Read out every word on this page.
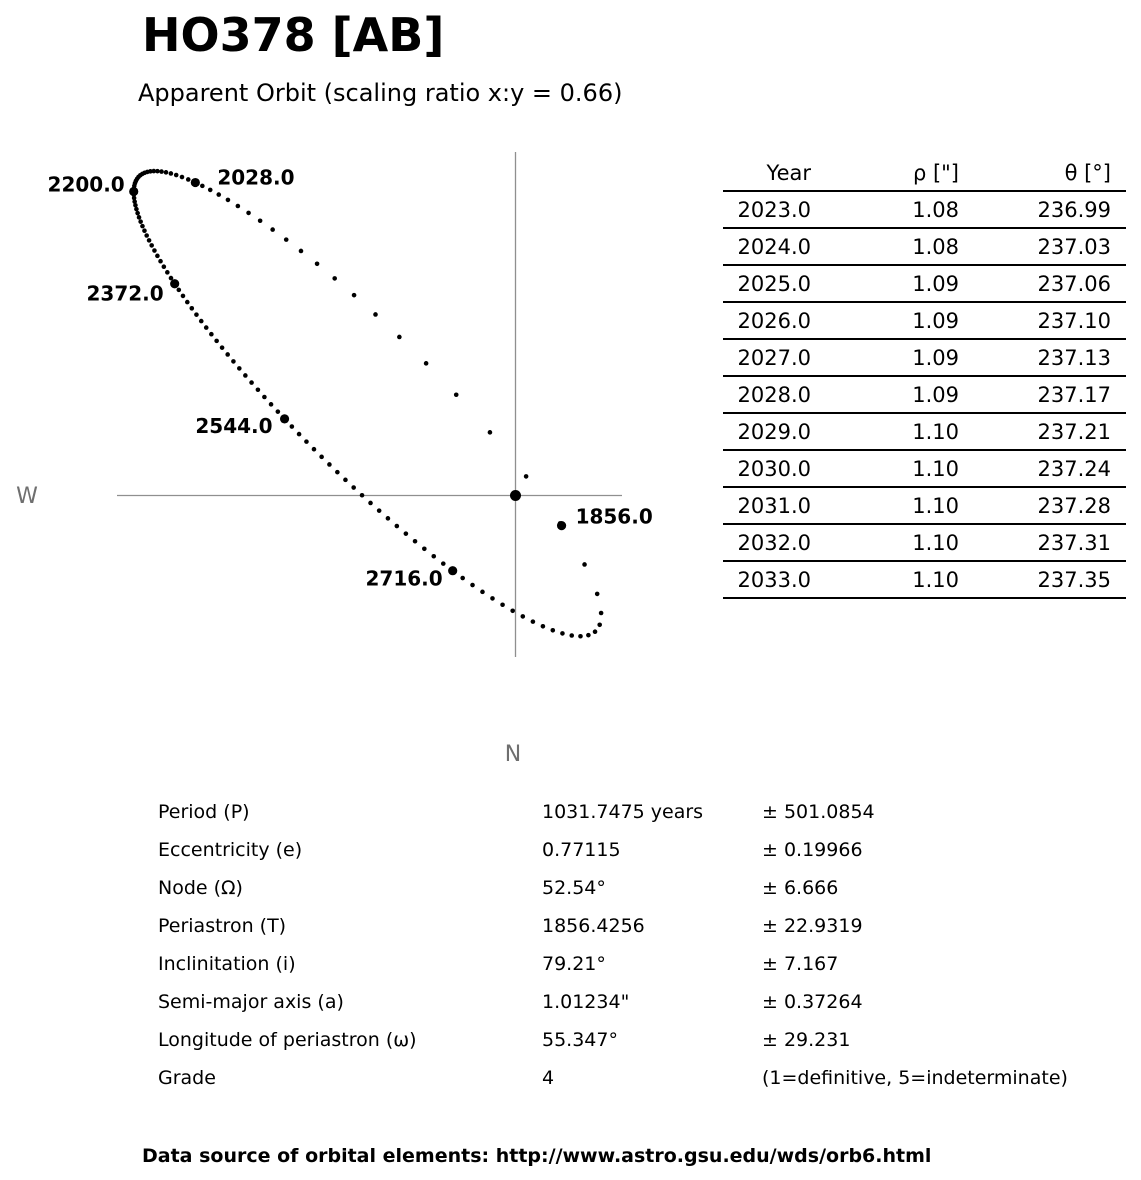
HO378 [AB]
Apparent Orbit (scaling ratio x:y = 0.66)
W
N
1856.0
2028.0
2200.0
2372.0
2544.0
2716.0
Year	ρ ["]	θ [°]
2023.0	1.08	236.99
2024.0	1.08	237.03
2025.0	1.09	237.06
2026.0	1.09	237.10
2027.0	1.09	237.13
2028.0	1.09	237.17
2029.0	1.10	237.21
2030.0	1.10	237.24
2031.0	1.10	237.28
2032.0	1.10	237.31
2033.0	1.10	237.35
Period (P)	1031.7475 years	± 501.0854
Eccentricity (e)	0.77115	± 0.19966
Node (Ω)	52.54°	± 6.666
Periastron (T)	1856.4256	± 22.9319
Inclinitation (i)	79.21°	± 7.167
Semi-major axis (a)	1.01234"	± 0.37264
Longitude of periastron (ω)	55.347°	± 29.231
Grade	4	(1=definitive, 5=indeterminate)
Data source of orbital elements: http://www.astro.gsu.edu/wds/orb6.html
